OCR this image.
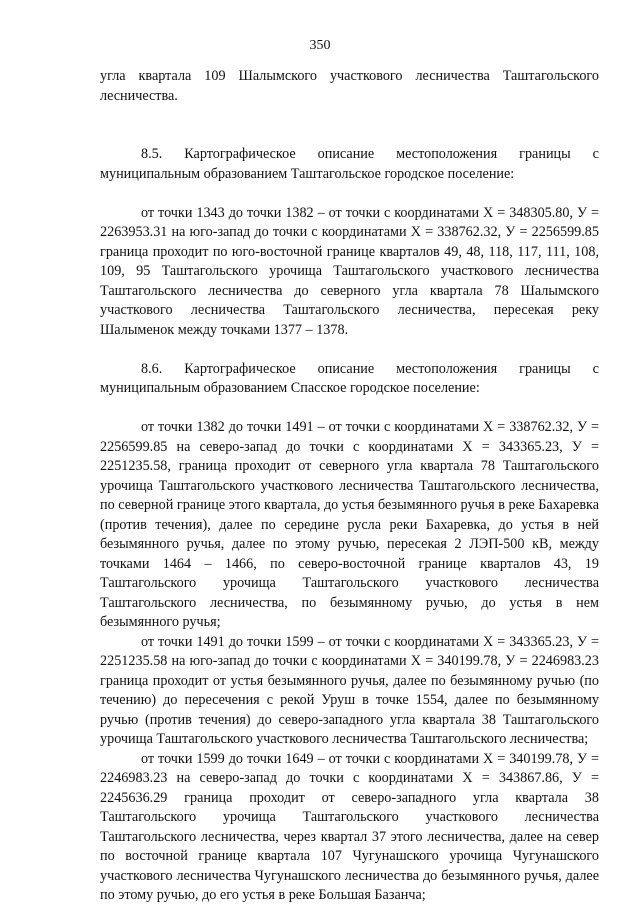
350

угла квартала 109 Шалымского участкового лесничества Таштагольского лесничества.

8.5. Картографическое описание местоположения границы с

муниципальным образованием Таштагольское городское поселение:

от точки 1343 до точки 1382 – от точки с координатами Х = 348305.80, У = 2263953.31 на юго-запад до точки с координатами Х = 338762.32, У = 2256599.85 граница проходит по юго-восточной границе кварталов 49, 48, 118, 117, 111, 108, 109, 95 Таштагольского урочища Таштагольского участкового лесничества Таштагольского лесничества до северного угла квартала 78 Шалымского участкового лесничества Таштагольского лесничества, пересекая реку Шалыменок между точками 1377 – 1378.

8.6. Картографическое описание местоположения границы с

муниципальным образованием Спасское городское поселение:

от точки 1382 до точки 1491 – от точки с координатами Х = 338762.32, У = 2256599.85 на северо-запад до точки с координатами Х = 343365.23, У = 2251235.58, граница проходит от северного угла квартала 78 Таштагольского урочища Таштагольского участкового лесничества Таштагольского лесничества, по северной границе этого квартала, до устья безымянного ручья в реке Бахаревка (против течения), далее по середине русла реки Бахаревка, до устья в ней безымянного ручья, далее по этому ручью, пересекая 2 ЛЭП-500 кВ, между точками 1464 – 1466, по северо-восточной границе кварталов 43, 19 Таштагольского урочища Таштагольского участкового лесничества Таштагольского лесничества, по безымянному ручью, до устья в нем безымянного ручья;

от точки 1491 до точки 1599 – от точки с координатами Х = 343365.23, У = 2251235.58 на юго-запад до точки с координатами Х = 340199.78, У = 2246983.23 граница проходит от устья безымянного ручья, далее по безымянному ручью (по течению) до пересечения с рекой Уруш в точке 1554, далее по безымянному ручью (против течения) до северо-западного угла квартала 38 Таштагольского урочища Таштагольского участкового лесничества Таштагольского лесничества;

от точки 1599 до точки 1649 – от точки с координатами Х = 340199.78, У = 2246983.23 на северо-запад до точки с координатами Х = 343867.86, У = 2245636.29 граница проходит от северо-западного угла квартала 38 Таштагольского урочища Таштагольского участкового лесничества Таштагольского лесничества, через квартал 37 этого лесничества, далее на север по восточной границе квартала 107 Чугунашского урочища Чугунашского участкового лесничества Чугунашского лесничества до безымянного ручья, далее по этому ручью, до его устья в реке Большая Базанча;
